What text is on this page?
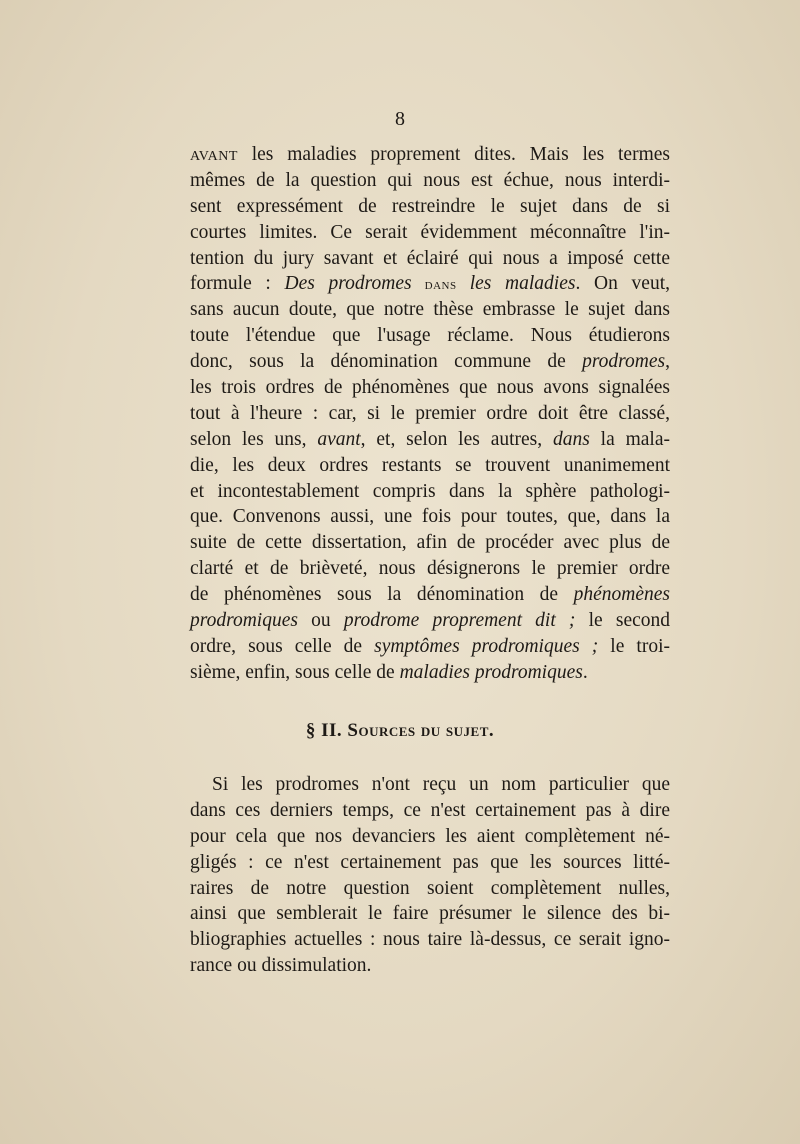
8
avant les maladies proprement dites. Mais les termes
mêmes de la question qui nous est échue, nous interdi-
sent expressément de restreindre le sujet dans de si
courtes limites. Ce serait évidemment méconnaître l'in-
tention du jury savant et éclairé qui nous a imposé cette
formule : Des prodromes dans les maladies. On veut,
sans aucun doute, que notre thèse embrasse le sujet dans
toute l'étendue que l'usage réclame. Nous étudierons
donc, sous la dénomination commune de prodromes,
les trois ordres de phénomènes que nous avons signalées
tout à l'heure : car, si le premier ordre doit être classé,
selon les uns, avant, et, selon les autres, dans la mala-
die, les deux ordres restants se trouvent unanimement
et incontestablement compris dans la sphère pathologi-
que. Convenons aussi, une fois pour toutes, que, dans la
suite de cette dissertation, afin de procéder avec plus de
clarté et de brièveté, nous désignerons le premier ordre
de phénomènes sous la dénomination de phénomènes
prodromiques ou prodrome proprement dit ; le second
ordre, sous celle de symptômes prodromiques ; le troi-
sième, enfin, sous celle de maladies prodromiques.
§ II. Sources du sujet.
Si les prodromes n'ont reçu un nom particulier que
dans ces derniers temps, ce n'est certainement pas à dire
pour cela que nos devanciers les aient complètement né-
gligés : ce n'est certainement pas que les sources litté-
raires de notre question soient complètement nulles,
ainsi que semblerait le faire présumer le silence des bi-
bliographies actuelles : nous taire là-dessus, ce serait igno-
rance ou dissimulation.
